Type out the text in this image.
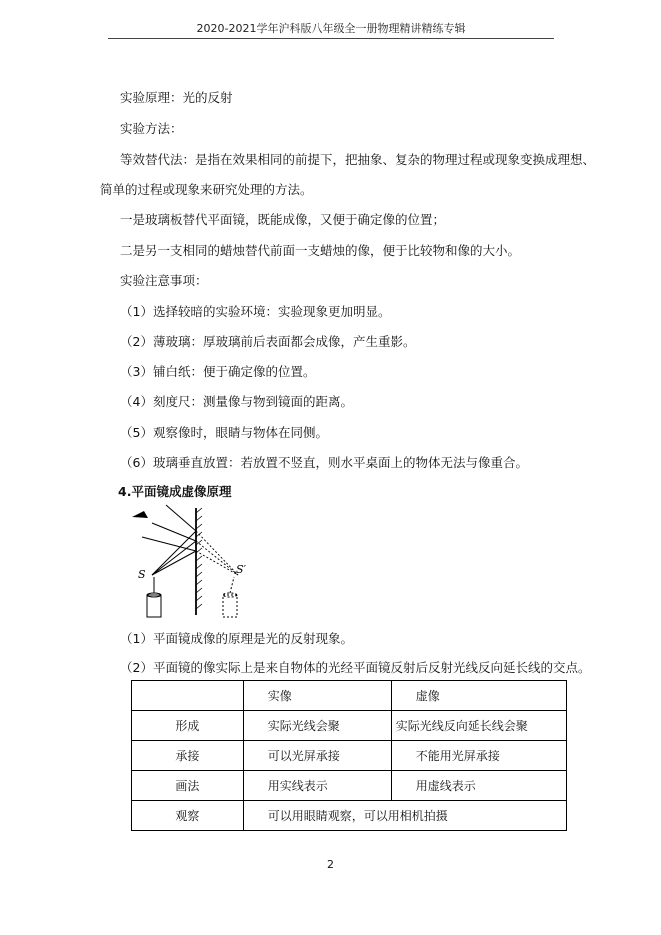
2020-2021学年沪科版八年级全一册物理精讲精练专辑
实验原理：光的反射
实验方法：
等效替代法：是指在效果相同的前提下，把抽象、复杂的物理过程或现象变换成理想、
简单的过程或现象来研究处理的方法。
一是玻璃板替代平面镜，既能成像，又便于确定像的位置；
二是另一支相同的蜡烛替代前面一支蜡烛的像，便于比较物和像的大小。
实验注意事项：
（1）选择较暗的实验环境：实验现象更加明显。
（2）薄玻璃：厚玻璃前后表面都会成像，产生重影。
（3）铺白纸：便于确定像的位置。
（4）刻度尺：测量像与物到镜面的距离。
（5）观察像时，眼睛与物体在同侧。
（6）玻璃垂直放置：若放置不竖直，则水平桌面上的物体无法与像重合。
4.平面镜成虚像原理
S	S′
（1）平面镜成像的原理是光的反射现象。
（2）平面镜的像实际上是来自物体的光经平面镜反射后反射光线反向延长线的交点。
	实像	虚像
形成	实际光线会聚	实际光线反向延长线会聚
承接	可以光屏承接	不能用光屏承接
画法	用实线表示	用虚线表示
观察	可以用眼睛观察，可以用相机拍摄	
2
